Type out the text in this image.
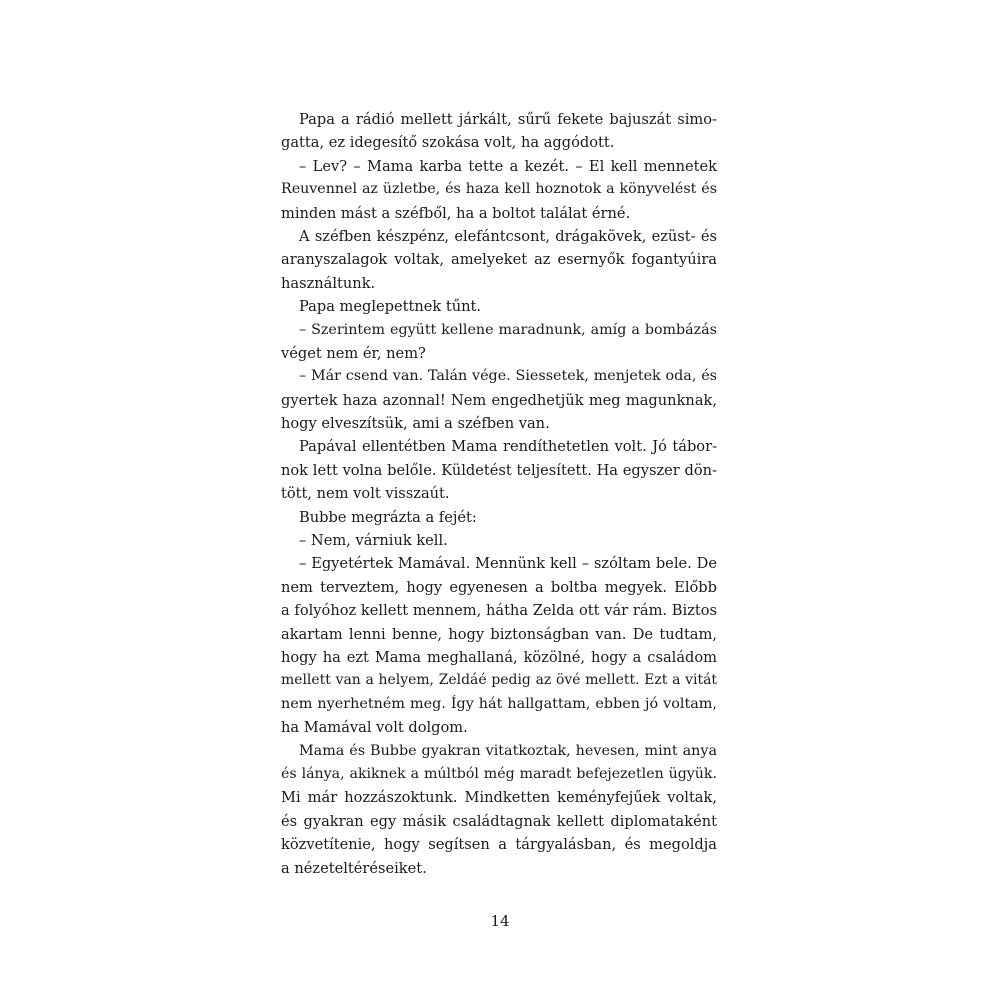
Papa a rádió mellett járkált, sűrű fekete bajuszát simo-
gatta, ez idegesítő szokása volt, ha aggódott.
– Lev? – Mama karba tette a kezét. – El kell mennetek
Reuvennel az üzletbe, és haza kell hoznotok a könyvelést és
minden mást a széfből, ha a boltot találat érné.
A széfben készpénz, elefántcsont, drágakövek, ezüst- és
aranyszalagok voltak, amelyeket az esernyők fogantyúira
használtunk.
Papa meglepettnek tűnt.
– Szerintem együtt kellene maradnunk, amíg a bombázás
véget nem ér, nem?
– Már csend van. Talán vége. Siessetek, menjetek oda, és
gyertek haza azonnal! Nem engedhetjük meg magunknak,
hogy elveszítsük, ami a széfben van.
Papával ellentétben Mama rendíthetetlen volt. Jó tábor-
nok lett volna belőle. Küldetést teljesített. Ha egyszer dön-
tött, nem volt visszaút.
Bubbe megrázta a fejét:
– Nem, várniuk kell.
– Egyetértek Mamával. Mennünk kell – szóltam bele. De
nem terveztem, hogy egyenesen a boltba megyek. Előbb
a folyóhoz kellett mennem, hátha Zelda ott vár rám. Biztos
akartam lenni benne, hogy biztonságban van. De tudtam,
hogy ha ezt Mama meghallaná, közölné, hogy a családom
mellett van a helyem, Zeldáé pedig az övé mellett. Ezt a vitát
nem nyerhetném meg. Így hát hallgattam, ebben jó voltam,
ha Mamával volt dolgom.
Mama és Bubbe gyakran vitatkoztak, hevesen, mint anya
és lánya, akiknek a múltból még maradt befejezetlen ügyük.
Mi már hozzászoktunk. Mindketten keményfejűek voltak,
és gyakran egy másik családtagnak kellett diplomataként
közvetítenie, hogy segítsen a tárgyalásban, és megoldja
a nézeteltéréseiket.
14
